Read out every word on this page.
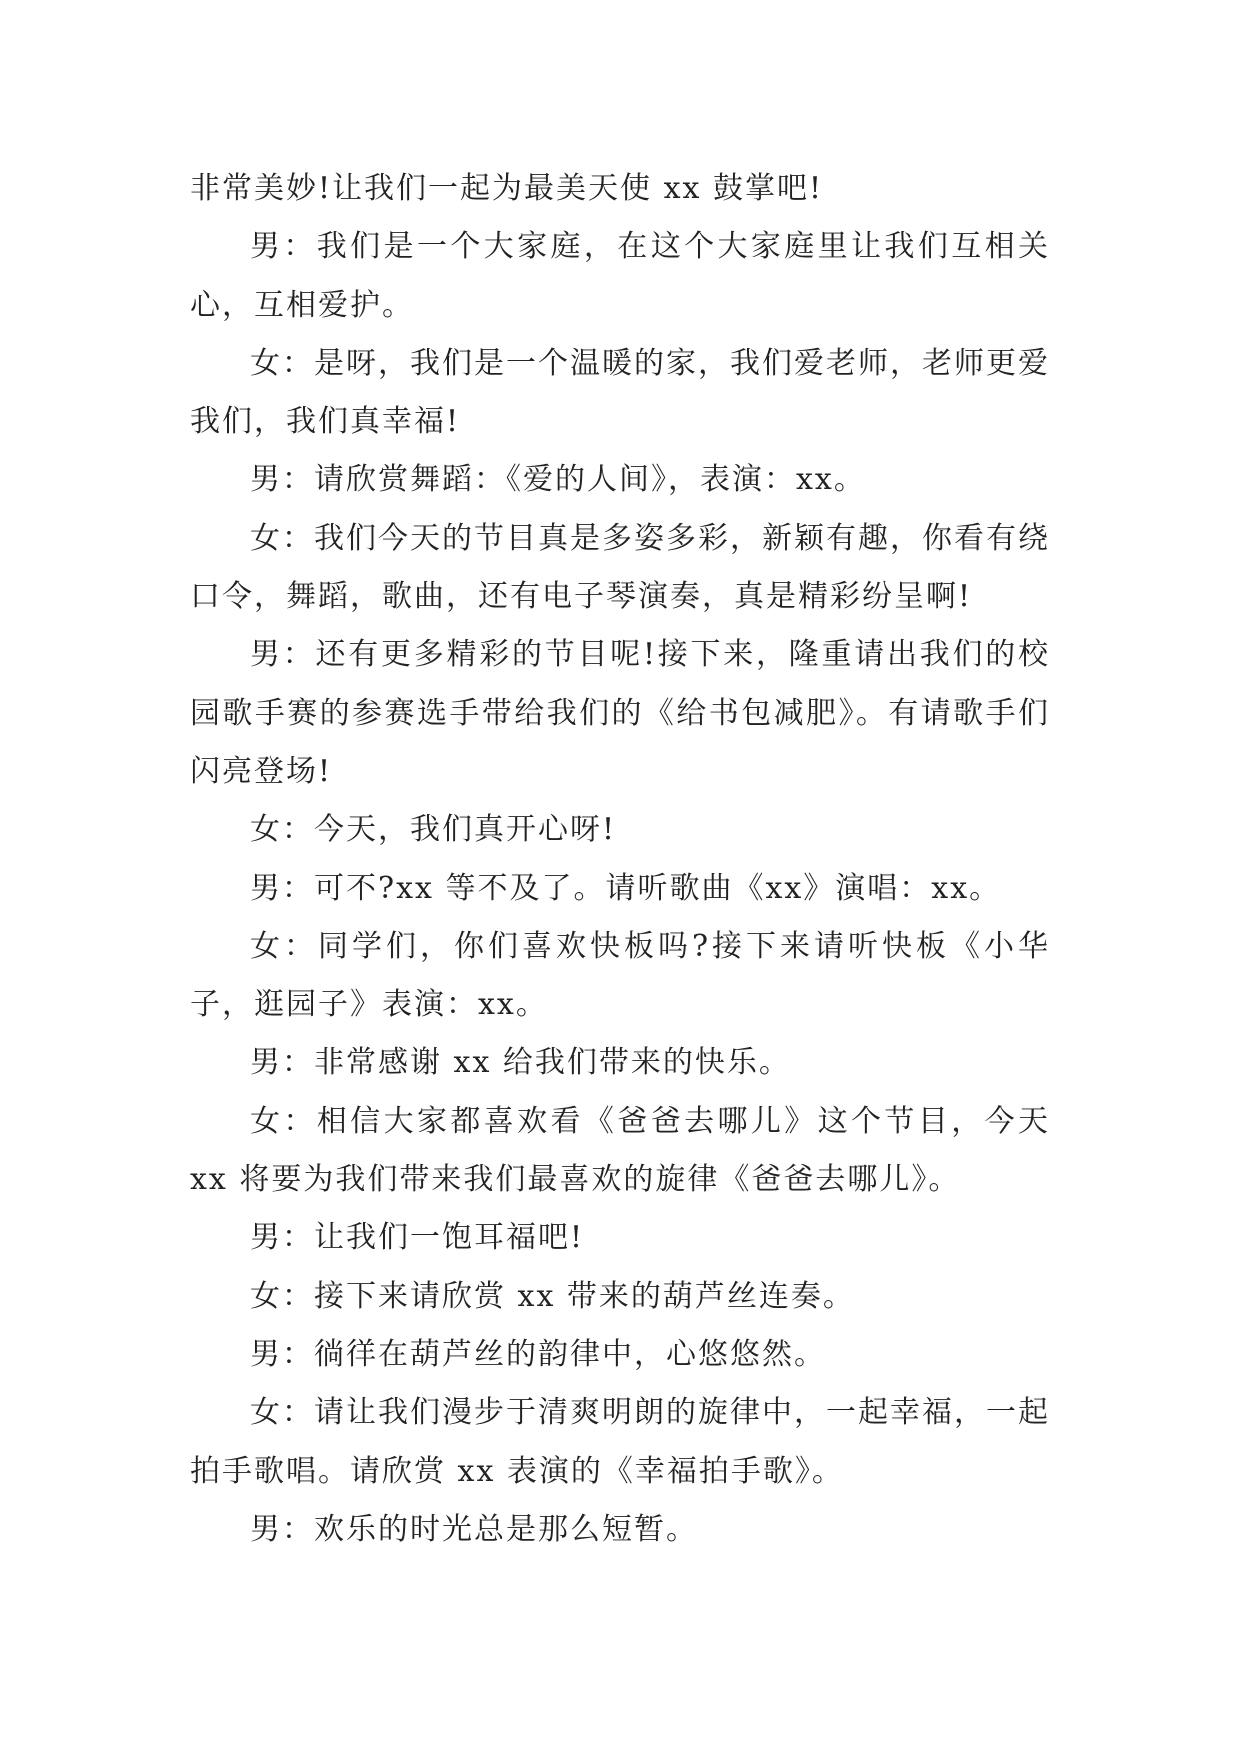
非常美妙!让我们一起为最美天使 xx 鼓掌吧!

男：我们是一个大家庭，在这个大家庭里让我们互相关心，互相爱护。

女：是呀，我们是一个温暖的家，我们爱老师，老师更爱我们，我们真幸福!

男：请欣赏舞蹈：《爱的人间》，表演：xx。

女：我们今天的节目真是多姿多彩，新颖有趣，你看有绕口令，舞蹈，歌曲，还有电子琴演奏，真是精彩纷呈啊!

男：还有更多精彩的节目呢!接下来，隆重请出我们的校园歌手赛的参赛选手带给我们的《给书包减肥》。有请歌手们闪亮登场!

女：今天，我们真开心呀!

男：可不?xx 等不及了。请听歌曲《xx》演唱：xx。

女：同学们，你们喜欢快板吗?接下来请听快板《小华子，逛园子》表演：xx。

男：非常感谢 xx 给我们带来的快乐。

女：相信大家都喜欢看《爸爸去哪儿》这个节目，今天 xx 将要为我们带来我们最喜欢的旋律《爸爸去哪儿》。

男：让我们一饱耳福吧!

女：接下来请欣赏 xx 带来的葫芦丝连奏。

男：徜徉在葫芦丝的韵律中，心悠悠然。

女：请让我们漫步于清爽明朗的旋律中，一起幸福，一起拍手歌唱。请欣赏 xx 表演的《幸福拍手歌》。

男：欢乐的时光总是那么短暂。
